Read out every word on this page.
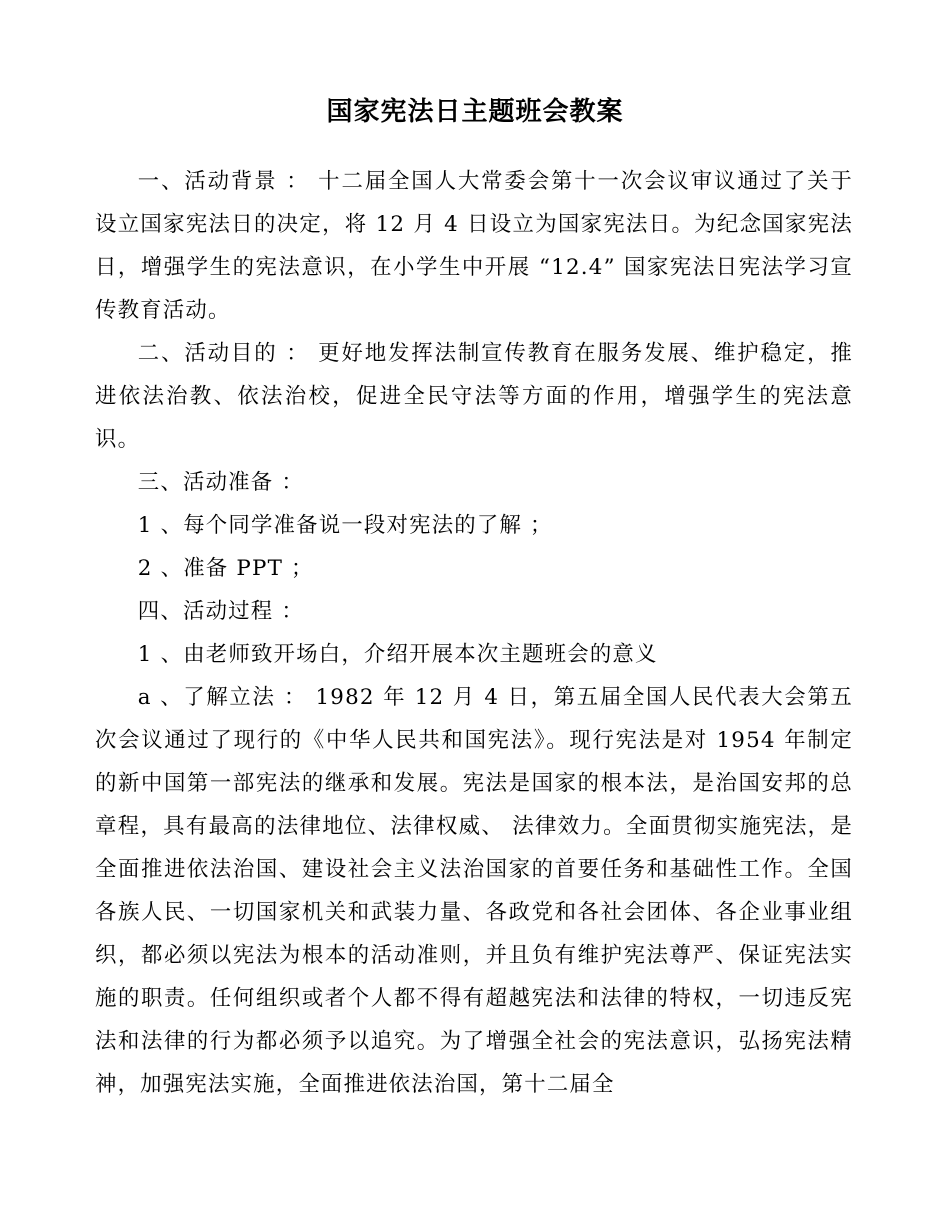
国家宪法日主题班会教案

一、活动背景 ： 十二届全国人大常委会第十一次会议审议通过了关于设立国家宪法日的决定，将 12 月 4 日设立为国家宪法日。为纪念国家宪法日，增强学生的宪法意识，在小学生中开展 “12.4” 国家宪法日宪法学习宣传教育活动。

二、活动目的 ： 更好地发挥法制宣传教育在服务发展、维护稳定，推进依法治教、依法治校，促进全民守法等方面的作用，增强学生的宪法意识。

三、活动准备 ：

1 、每个同学准备说一段对宪法的了解 ；

2 、准备 PPT ；

四、活动过程 ：

1 、由老师致开场白，介绍开展本次主题班会的意义

a 、了解立法 ： 1982 年 12 月 4 日，第五届全国人民代表大会第五次会议通过了现行的《中华人民共和国宪法》。现行宪法是对 1954 年制定的新中国第一部宪法的继承和发展。宪法是国家的根本法，是治国安邦的总章程，具有最高的法律地位、法律权威、 法律效力。全面贯彻实施宪法，是全面推进依法治国、建设社会主义法治国家的首要任务和基础性工作。全国各族人民、一切国家机关和武装力量、各政党和各社会团体、各企业事业组织，都必须以宪法为根本的活动准则，并且负有维护宪法尊严、保证宪法实施的职责。任何组织或者个人都不得有超越宪法和法律的特权，一切违反宪法和法律的行为都必须予以追究。为了增强全社会的宪法意识，弘扬宪法精神，加强宪法实施，全面推进依法治国，第十二届全
